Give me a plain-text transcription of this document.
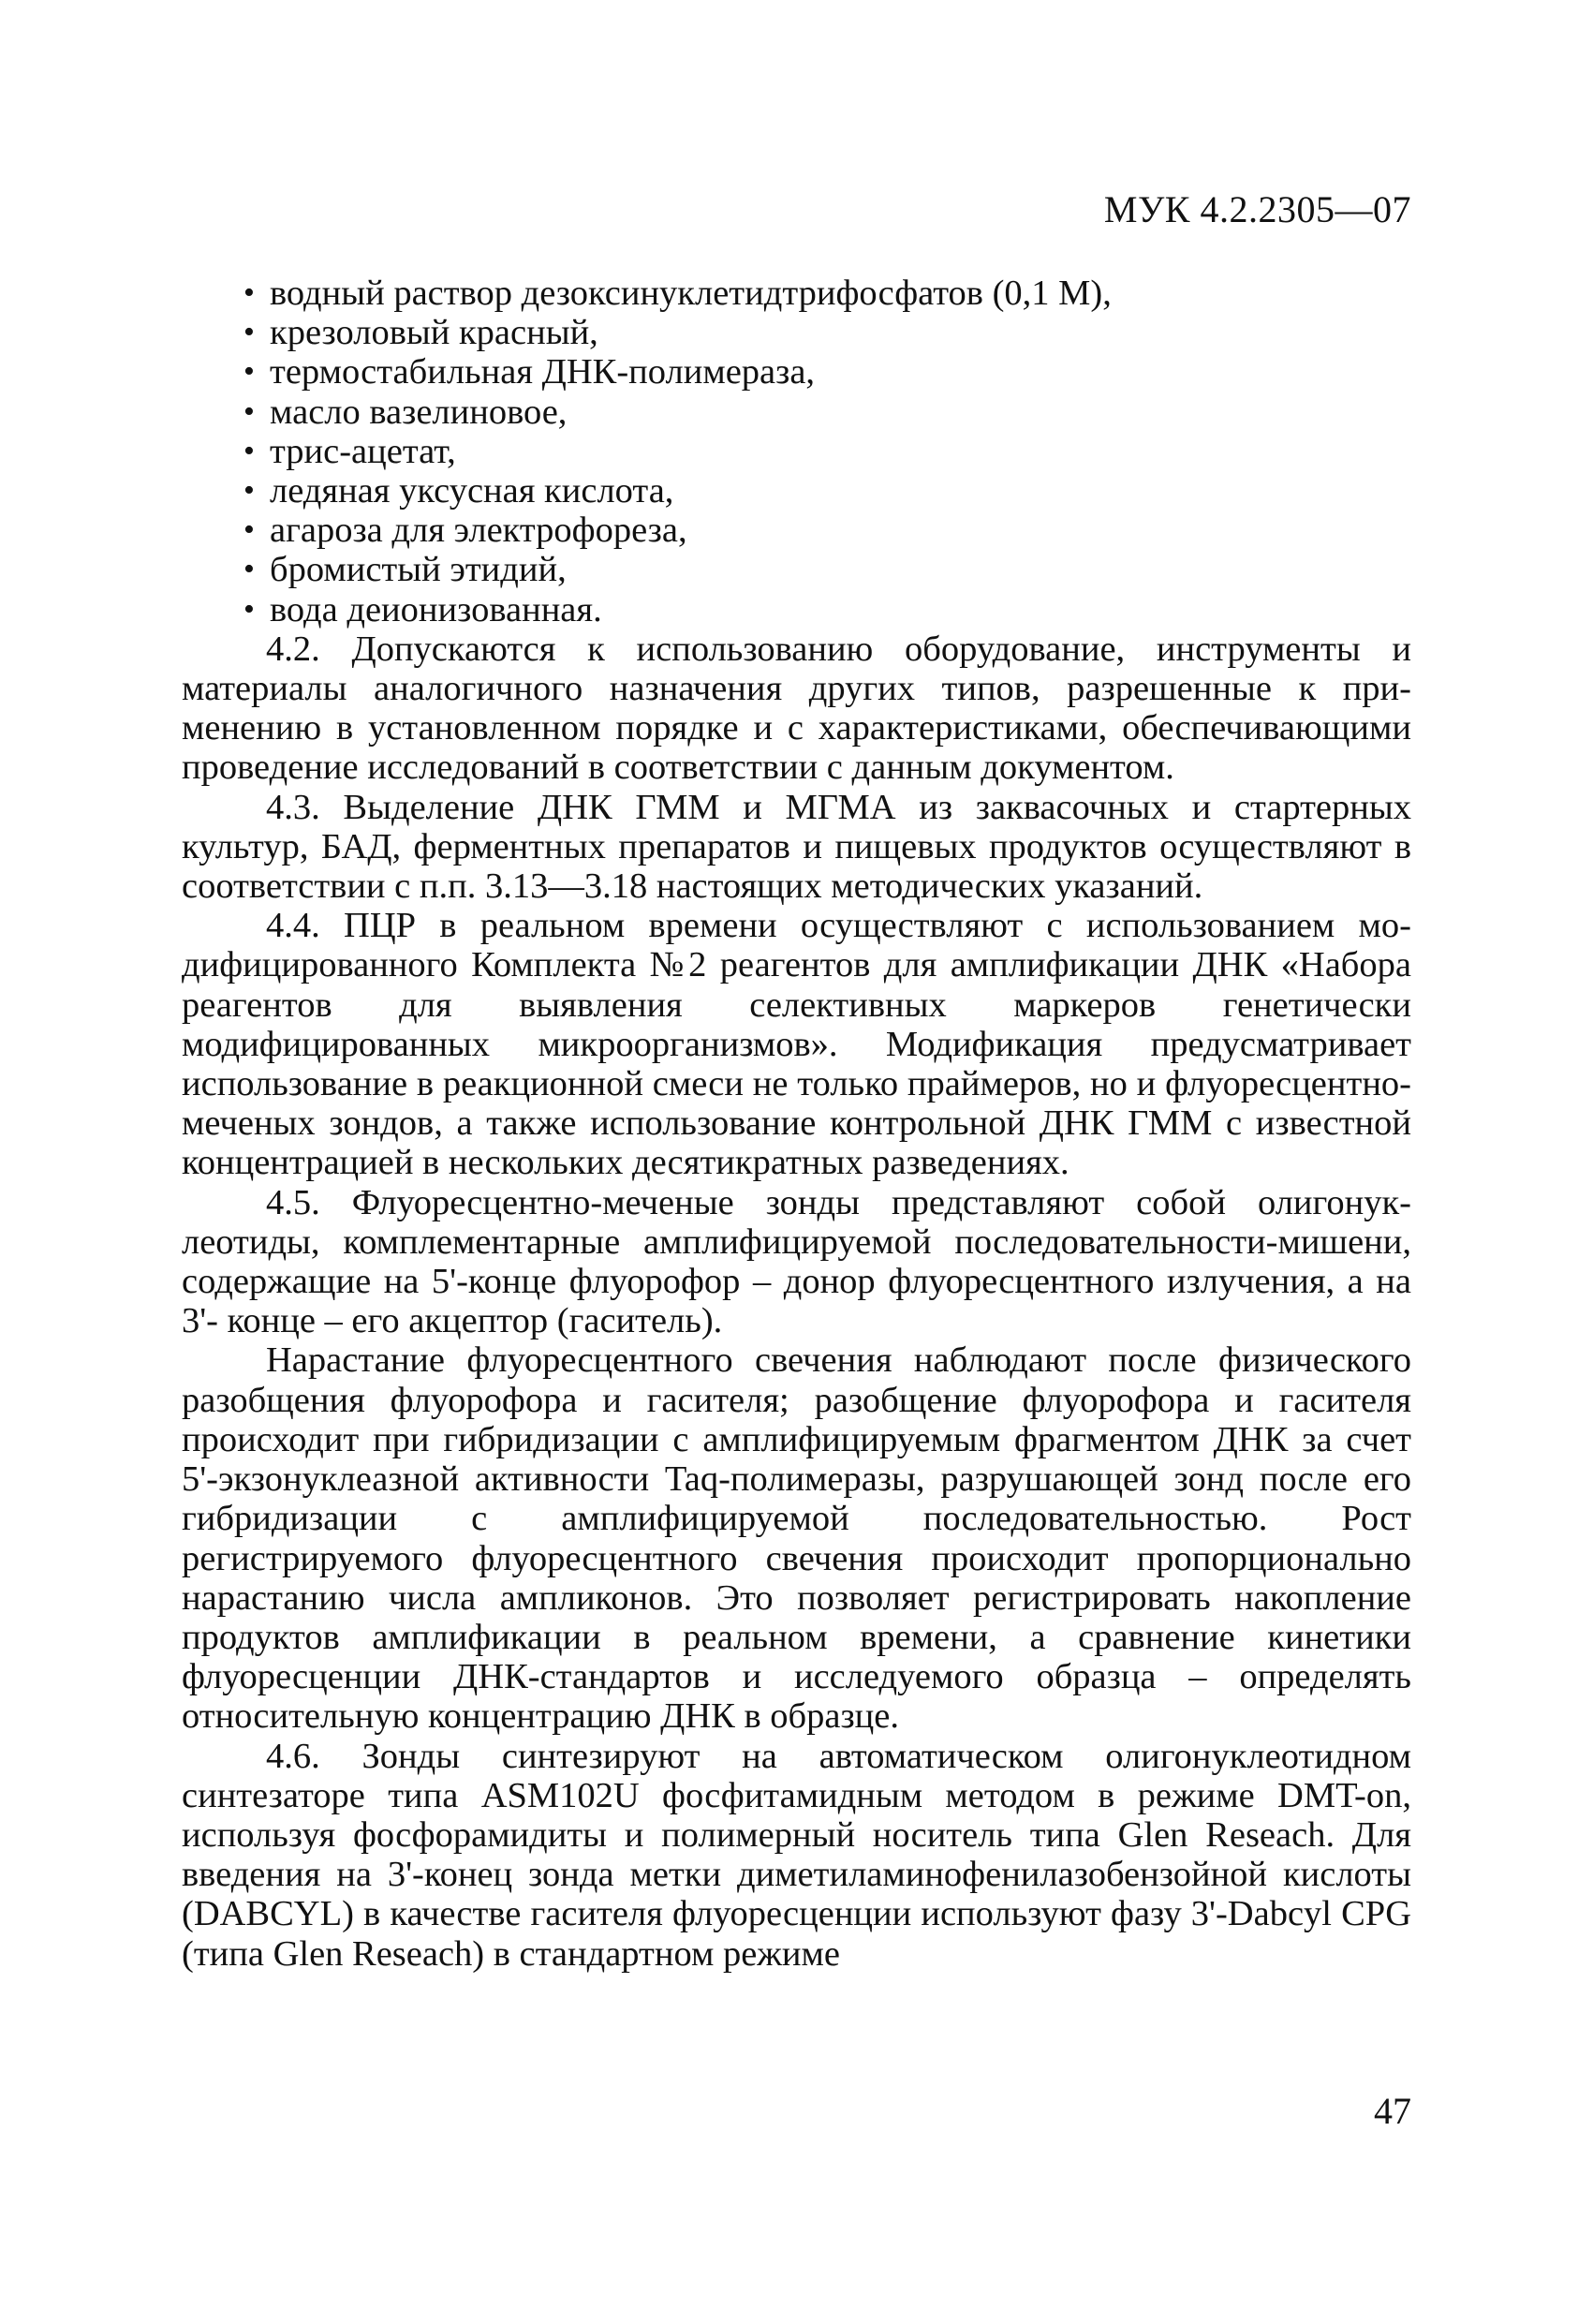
МУК 4.2.2305—07
• водный раствор дезоксинуклетидтрифосфатов (0,1 М),
• крезоловый красный,
• термостабильная ДНК-полимераза,
• масло вазелиновое,
• трис-ацетат,
• ледяная уксусная кислота,
• агароза для электрофореза,
• бромистый этидий,
• вода деионизованная.

4.2. Допускаются к использованию оборудование, инструменты и материалы аналогичного назначения других типов, разрешенные к применению в установленном порядке и с характеристиками, обеспечивающими проведение исследований в соответствии с данным документом.

4.3. Выделение ДНК ГММ и МГМА из заквасочных и стартерных культур, БАД, ферментных препаратов и пищевых продуктов осуществляют в соответствии с п.п. 3.13—3.18 настоящих методических указаний.

4.4. ПЦР в реальном времени осуществляют с использованием модифицированного Комплекта №2 реагентов для амплификации ДНК «Набора реагентов для выявления селективных маркеров генетически модифицированных микроорганизмов». Модификация предусматривает использование в реакционной смеси не только праймеров, но и флуоресцентно-меченых зондов, а также использование контрольной ДНК ГММ с известной концентрацией в нескольких десятикратных разведениях.

4.5. Флуоресцентно-меченые зонды представляют собой олигонуклеотиды, комплементарные амплифицируемой последовательности-мишени, содержащие на 5'-конце флуорофор – донор флуоресцентного излучения, а на 3'- конце – его акцептор (гаситель).

Нарастание флуоресцентного свечения наблюдают после физического разобщения флуорофора и гасителя; разобщение флуорофора и гасителя происходит при гибридизации с амплифицируемым фрагментом ДНК за счет 5'-экзонуклеазной активности Taq-полимеразы, разрушающей зонд после его гибридизации с амплифицируемой последовательностью. Рост регистрируемого флуоресцентного свечения происходит пропорционально нарастанию числа ампликонов. Это позволяет регистрировать накопление продуктов амплификации в реальном времени, а сравнение кинетики флуоресценции ДНК-стандартов и исследуемого образца – определять относительную концентрацию ДНК в образце.

4.6. Зонды синтезируют на автоматическом олигонуклеотидном синтезаторе типа ASM102U фосфитамидным методом в режиме DMT-on, используя фосфорамидиты и полимерный носитель типа Glen Reseach. Для введения на 3'-конец зонда метки диметиламинофенилазобензойной кислоты (DABCYL) в качестве гасителя флуоресценции используют фазу 3'-Dabcyl CPG (типа Glen Reseach) в стандартном режиме

47
